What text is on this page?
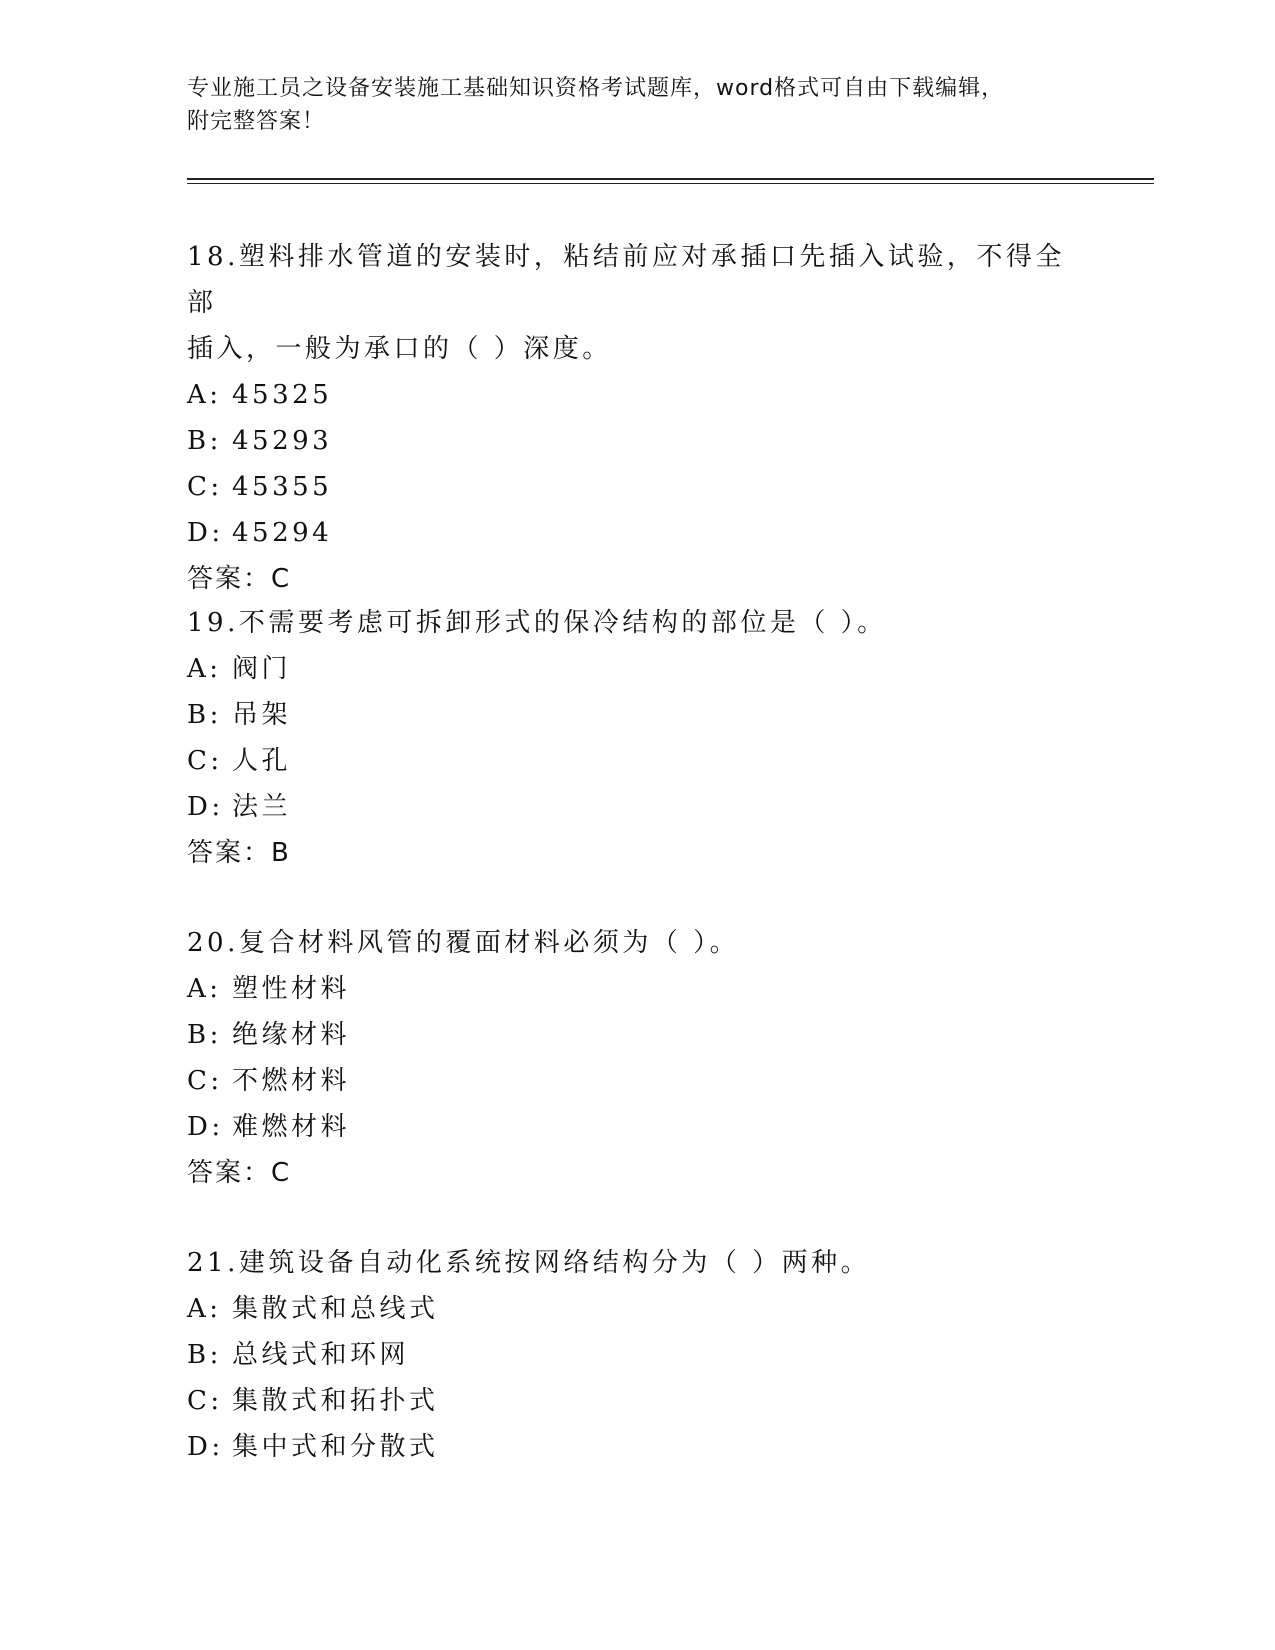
专业施工员之设备安装施工基础知识资格考试题库，word格式可自由下载编辑，
附完整答案！

18.塑料排水管道的安装时，粘结前应对承插口先插入试验，不得全部

插入，一般为承口的（ ）深度。

A: 45325

B: 45293

C: 45355

D: 45294

答案：C

19.不需要考虑可拆卸形式的保冷结构的部位是（ ）。

A: 阀门

B: 吊架

C: 人孔

D: 法兰

答案：B

20.复合材料风管的覆面材料必须为（ ）。

A: 塑性材料

B: 绝缘材料

C: 不燃材料

D: 难燃材料

答案：C

21.建筑设备自动化系统按网络结构分为（ ）两种。

A: 集散式和总线式

B: 总线式和环网

C: 集散式和拓扑式

D: 集中式和分散式
